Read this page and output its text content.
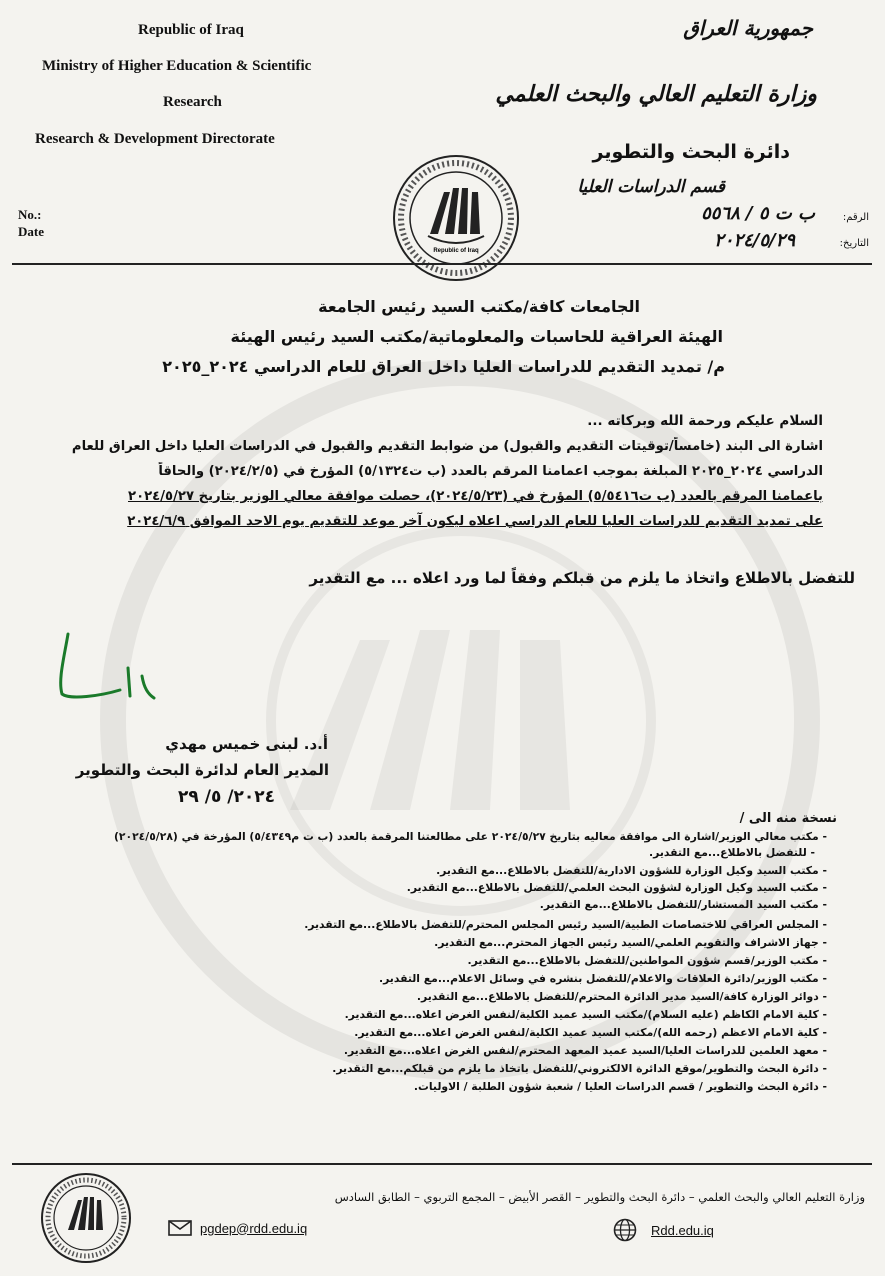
Republic of Iraq
Ministry of Higher Education & Scientific
Research
Research & Development Directorate
No.:
Date
جمهورية العراق
وزارة التعليم العالي والبحث العلمي
دائرة البحث والتطوير
قسم الدراسات العليا
الرقم:
ب ت ٥ / ٥٥٦٨
التاريخ:
٢٠٢٤/٥/٢٩
Republic of Iraq
الجامعات كافة/مكتب السيد رئيس الجامعة
الهيئة العراقية للحاسبات والمعلوماتية/مكتب السيد رئيس الهيئة
م/ تمديد التقديم للدراسات العليا داخل العراق للعام الدراسي ٢٠٢٤_٢٠٢٥
السلام عليكم ورحمة الله وبركاته ...
اشارة الى البند (خامساً/توقيتات التقديم والقبول) من ضوابط التقديم والقبول في الدراسات العليا داخل العراق للعام
الدراسي ٢٠٢٤_٢٠٢٥ المبلغة بموجب اعمامنا المرقم بالعدد (ب ت٥/١٣٢٤) المؤرخ في (٢٠٢٤/٢/٥) والحاقاً
باعمامنا المرقم بالعدد (ب ت٥/٥٤١٦) المؤرخ في (٢٠٢٤/٥/٢٣)، حصلت موافقة معالي الوزير بتاريخ ٢٠٢٤/٥/٢٧
على تمديد التقديم للدراسات العليا للعام الدراسي اعلاه ليكون آخر موعد للتقديم يوم الاحد الموافق ٢٠٢٤/٦/٩
للتفضل بالاطلاع واتخاذ ما يلزم من قبلكم وفقاً لما ورد اعلاه ... مع التقدير
أ.د. لبنى خميس مهدي
المدير العام لدائرة البحث والتطوير
٢٠٢٤/ ٥/ ٢٩
نسخة منه الى /
- مكتب معالي الوزير/اشارة الى موافقة معاليه بتاريخ ٢٠٢٤/٥/٢٧ على مطالعتنا المرقمة بالعدد (ب ت م٥/٤٣٤٩) المؤرخة في (٢٠٢٤/٥/٢٨)
- للتفضل بالاطلاع...مع التقدير.
- مكتب السيد وكيل الوزارة للشؤون الادارية/للتفضل بالاطلاع...مع التقدير.
- مكتب السيد وكيل الوزارة لشؤون البحث العلمي/للتفضل بالاطلاع...مع التقدير.
- مكتب السيد المستشار/للتفضل بالاطلاع...مع التقدير.
- المجلس العراقي للاختصاصات الطبية/السيد رئيس المجلس المحترم/للتفضل بالاطلاع...مع التقدير.
- جهاز الاشراف والتقويم العلمي/السيد رئيس الجهاز المحترم...مع التقدير.
- مكتب الوزير/قسم شؤون المواطنين/للتفضل بالاطلاع...مع التقدير.
- مكتب الوزير/دائرة العلاقات والاعلام/للتفضل بنشره في وسائل الاعلام...مع التقدير.
- دوائر الوزارة كافة/السيد مدير الدائرة المحترم/للتفضل بالاطلاع...مع التقدير.
- كلية الامام الكاظم (عليه السلام)/مكتب السيد عميد الكلية/لنفس الغرض اعلاه...مع التقدير.
- كلية الامام الاعظم (رحمه الله)/مكتب السيد عميد الكلية/لنفس الغرض اعلاه...مع التقدير.
- معهد العلمين للدراسات العليا/السيد عميد المعهد المحترم/لنفس الغرض اعلاه...مع التقدير.
- دائرة البحث والتطوير/موقع الدائرة الالكتروني/للتفضل باتخاذ ما يلزم من قبلكم...مع التقدير.
- دائرة البحث والتطوير / قسم الدراسات العليا / شعبة شؤون الطلبة / الاوليات.
وزارة التعليم العالي والبحث العلمي – دائرة البحث والتطوير – القصر الأبيض – المجمع التربوي – الطابق السادس
pgdep@rdd.edu.iq	Rdd.edu.iq
